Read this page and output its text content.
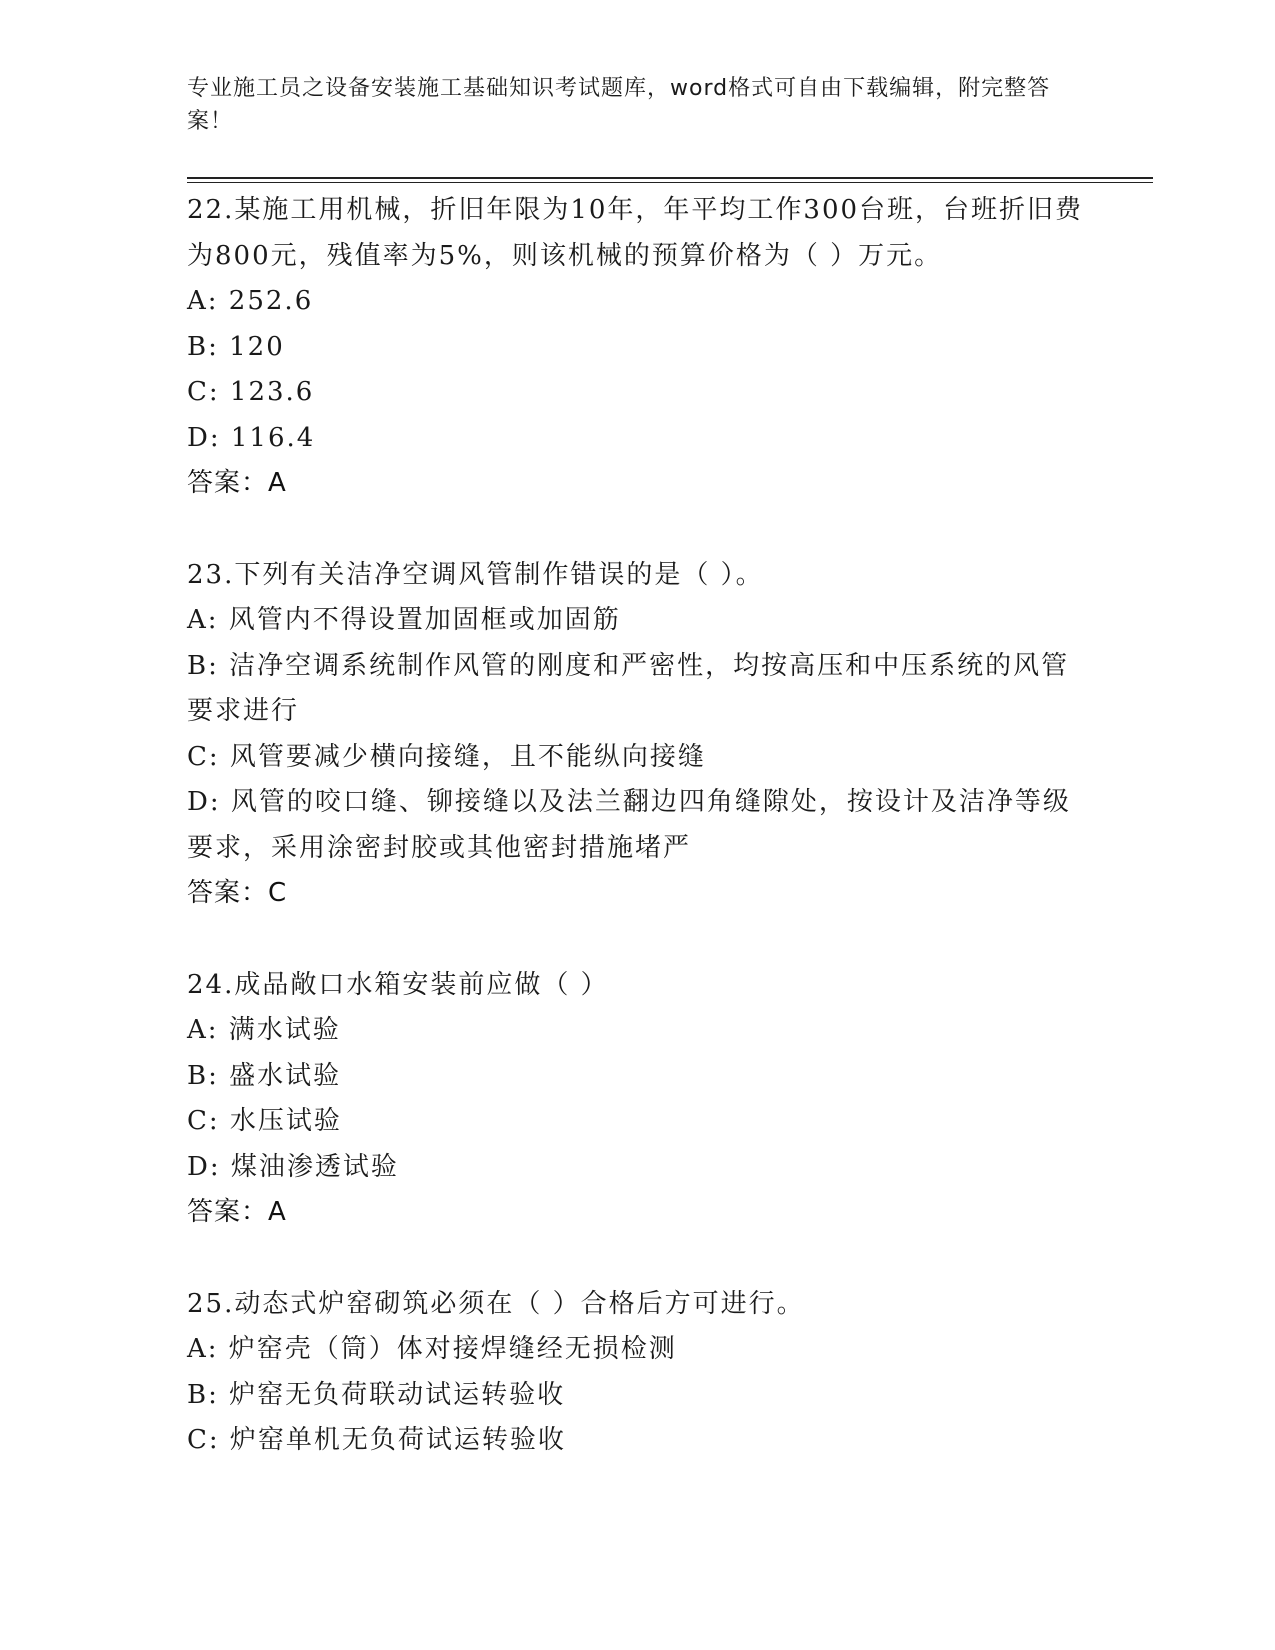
专业施工员之设备安装施工基础知识考试题库，word格式可自由下载编辑，附完整答案！

22.某施工用机械，折旧年限为10年，年平均工作300台班，台班折旧费为800元，残值率为5%，则该机械的预算价格为（ ）万元。

A: 252.6

B: 120

C: 123.6

D: 116.4

答案：A

23.下列有关洁净空调风管制作错误的是（ ）。

A: 风管内不得设置加固框或加固筋

B: 洁净空调系统制作风管的刚度和严密性，均按高压和中压系统的风管要求进行

C: 风管要减少横向接缝，且不能纵向接缝

D: 风管的咬口缝、铆接缝以及法兰翻边四角缝隙处，按设计及洁净等级要求，采用涂密封胶或其他密封措施堵严

答案：C

24.成品敞口水箱安装前应做（ ）

A: 满水试验

B: 盛水试验

C: 水压试验

D: 煤油渗透试验

答案：A

25.动态式炉窑砌筑必须在（ ）合格后方可进行。

A: 炉窑壳（筒）体对接焊缝经无损检测

B: 炉窑无负荷联动试运转验收

C: 炉窑单机无负荷试运转验收
